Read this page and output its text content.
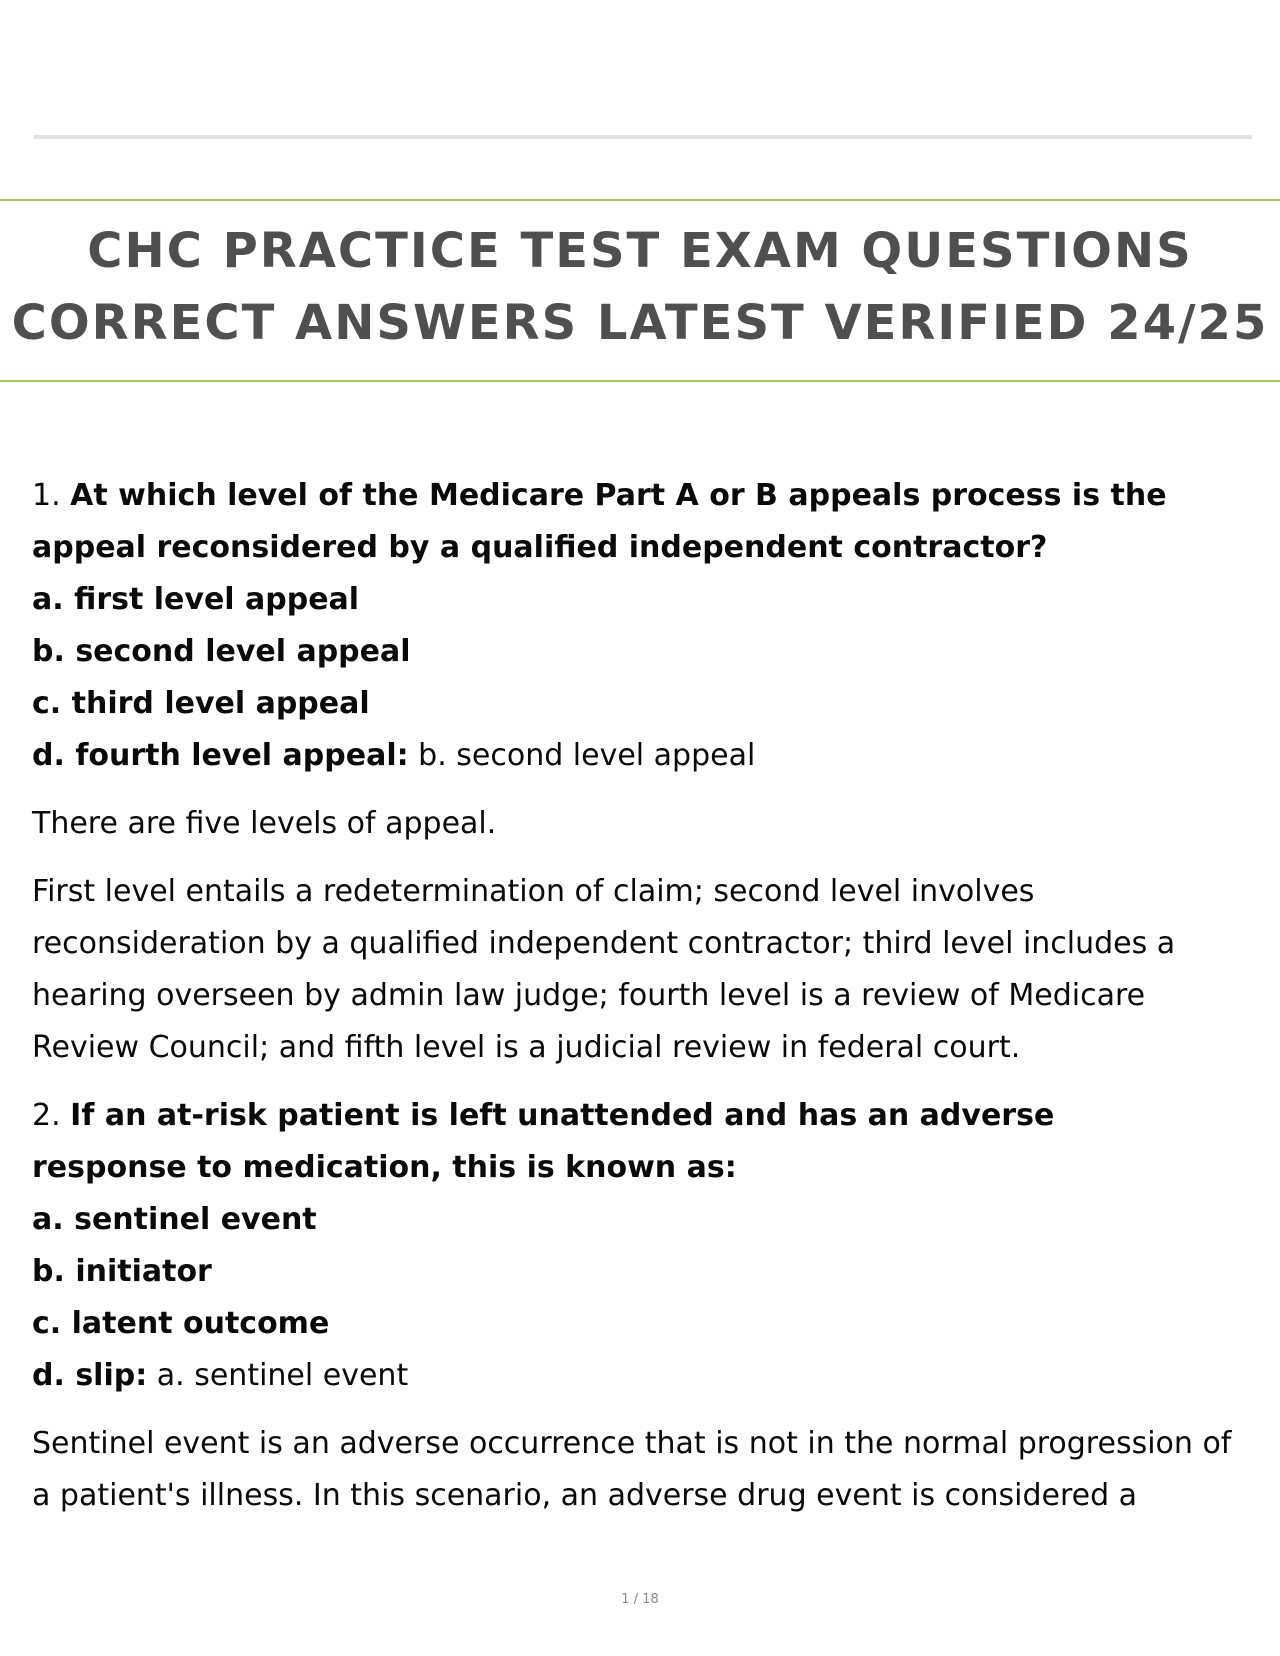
CHC PRACTICE TEST EXAM QUESTIONS
CORRECT ANSWERS LATEST VERIFIED 24/25
1. At which level of the Medicare Part A or B appeals process is the
appeal reconsidered by a qualified independent contractor?
a. first level appeal
b. second level appeal
c. third level appeal
d. fourth level appeal: b. second level appeal
There are five levels of appeal.
First level entails a redetermination of claim; second level involves
reconsideration by a qualified independent contractor; third level includes a
hearing overseen by admin law judge; fourth level is a review of Medicare
Review Council; and fifth level is a judicial review in federal court.
2. If an at-risk patient is left unattended and has an adverse
response to medication, this is known as:
a. sentinel event
b. initiator
c. latent outcome
d. slip: a. sentinel event
Sentinel event is an adverse occurrence that is not in the normal progression of
a patient's illness. In this scenario, an adverse drug event is considered a
1 / 18
